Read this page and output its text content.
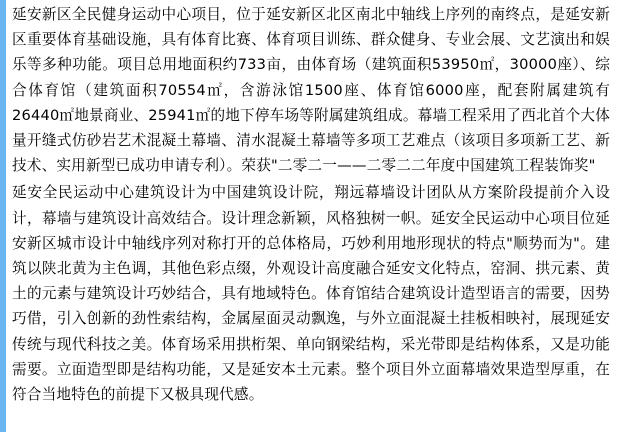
延安新区全民健身运动中心项目，位于延安新区北区南北中轴线上序列的南终点，是延安新区重要体育基础设施，具有体育比赛、体育项目训练、群众健身、专业会展、文艺演出和娱乐等多种功能。项目总用地面积约733亩，由体育场（建筑面积53950㎡，30000座）、综合体育馆（建筑面积70554㎡，含游泳馆1500座、体育馆6000座，配套附属建筑有26440㎡地景商业、25941㎡的地下停车场等附属建筑组成。幕墙工程采用了西北首个大体量开缝式仿砂岩艺术混凝土幕墙、清水混凝土幕墙等多项工艺难点（该项目多项新工艺、新技术、实用新型已成功申请专利）。荣获"二零二一——二零二二年度中国建筑工程装饰奖"

延安全民运动中心建筑设计为中国建筑设计院，翔远幕墙设计团队从方案阶段提前介入设计，幕墙与建筑设计高效结合。设计理念新颖，风格独树一帜。延安全民运动中心项目位延安新区城市设计中轴线序列对称打开的总体格局，巧妙利用地形现状的特点"顺势而为"。建筑以陕北黄为主色调，其他色彩点缀，外观设计高度融合延安文化特点，窑洞、拱元素、黄土的元素与建筑设计巧妙结合，具有地域特色。体育馆结合建筑设计造型语言的需要，因势巧借，引入创新的劲性索结构，金属屋面灵动飘逸，与外立面混凝土挂板相映衬，展现延安传统与现代科技之美。体育场采用拱桁架、单向钢梁结构，采光带即是结构体系，又是功能需要。立面造型即是结构功能，又是延安本土元素。整个项目外立面幕墙效果造型厚重，在符合当地特色的前提下又极具现代感。
